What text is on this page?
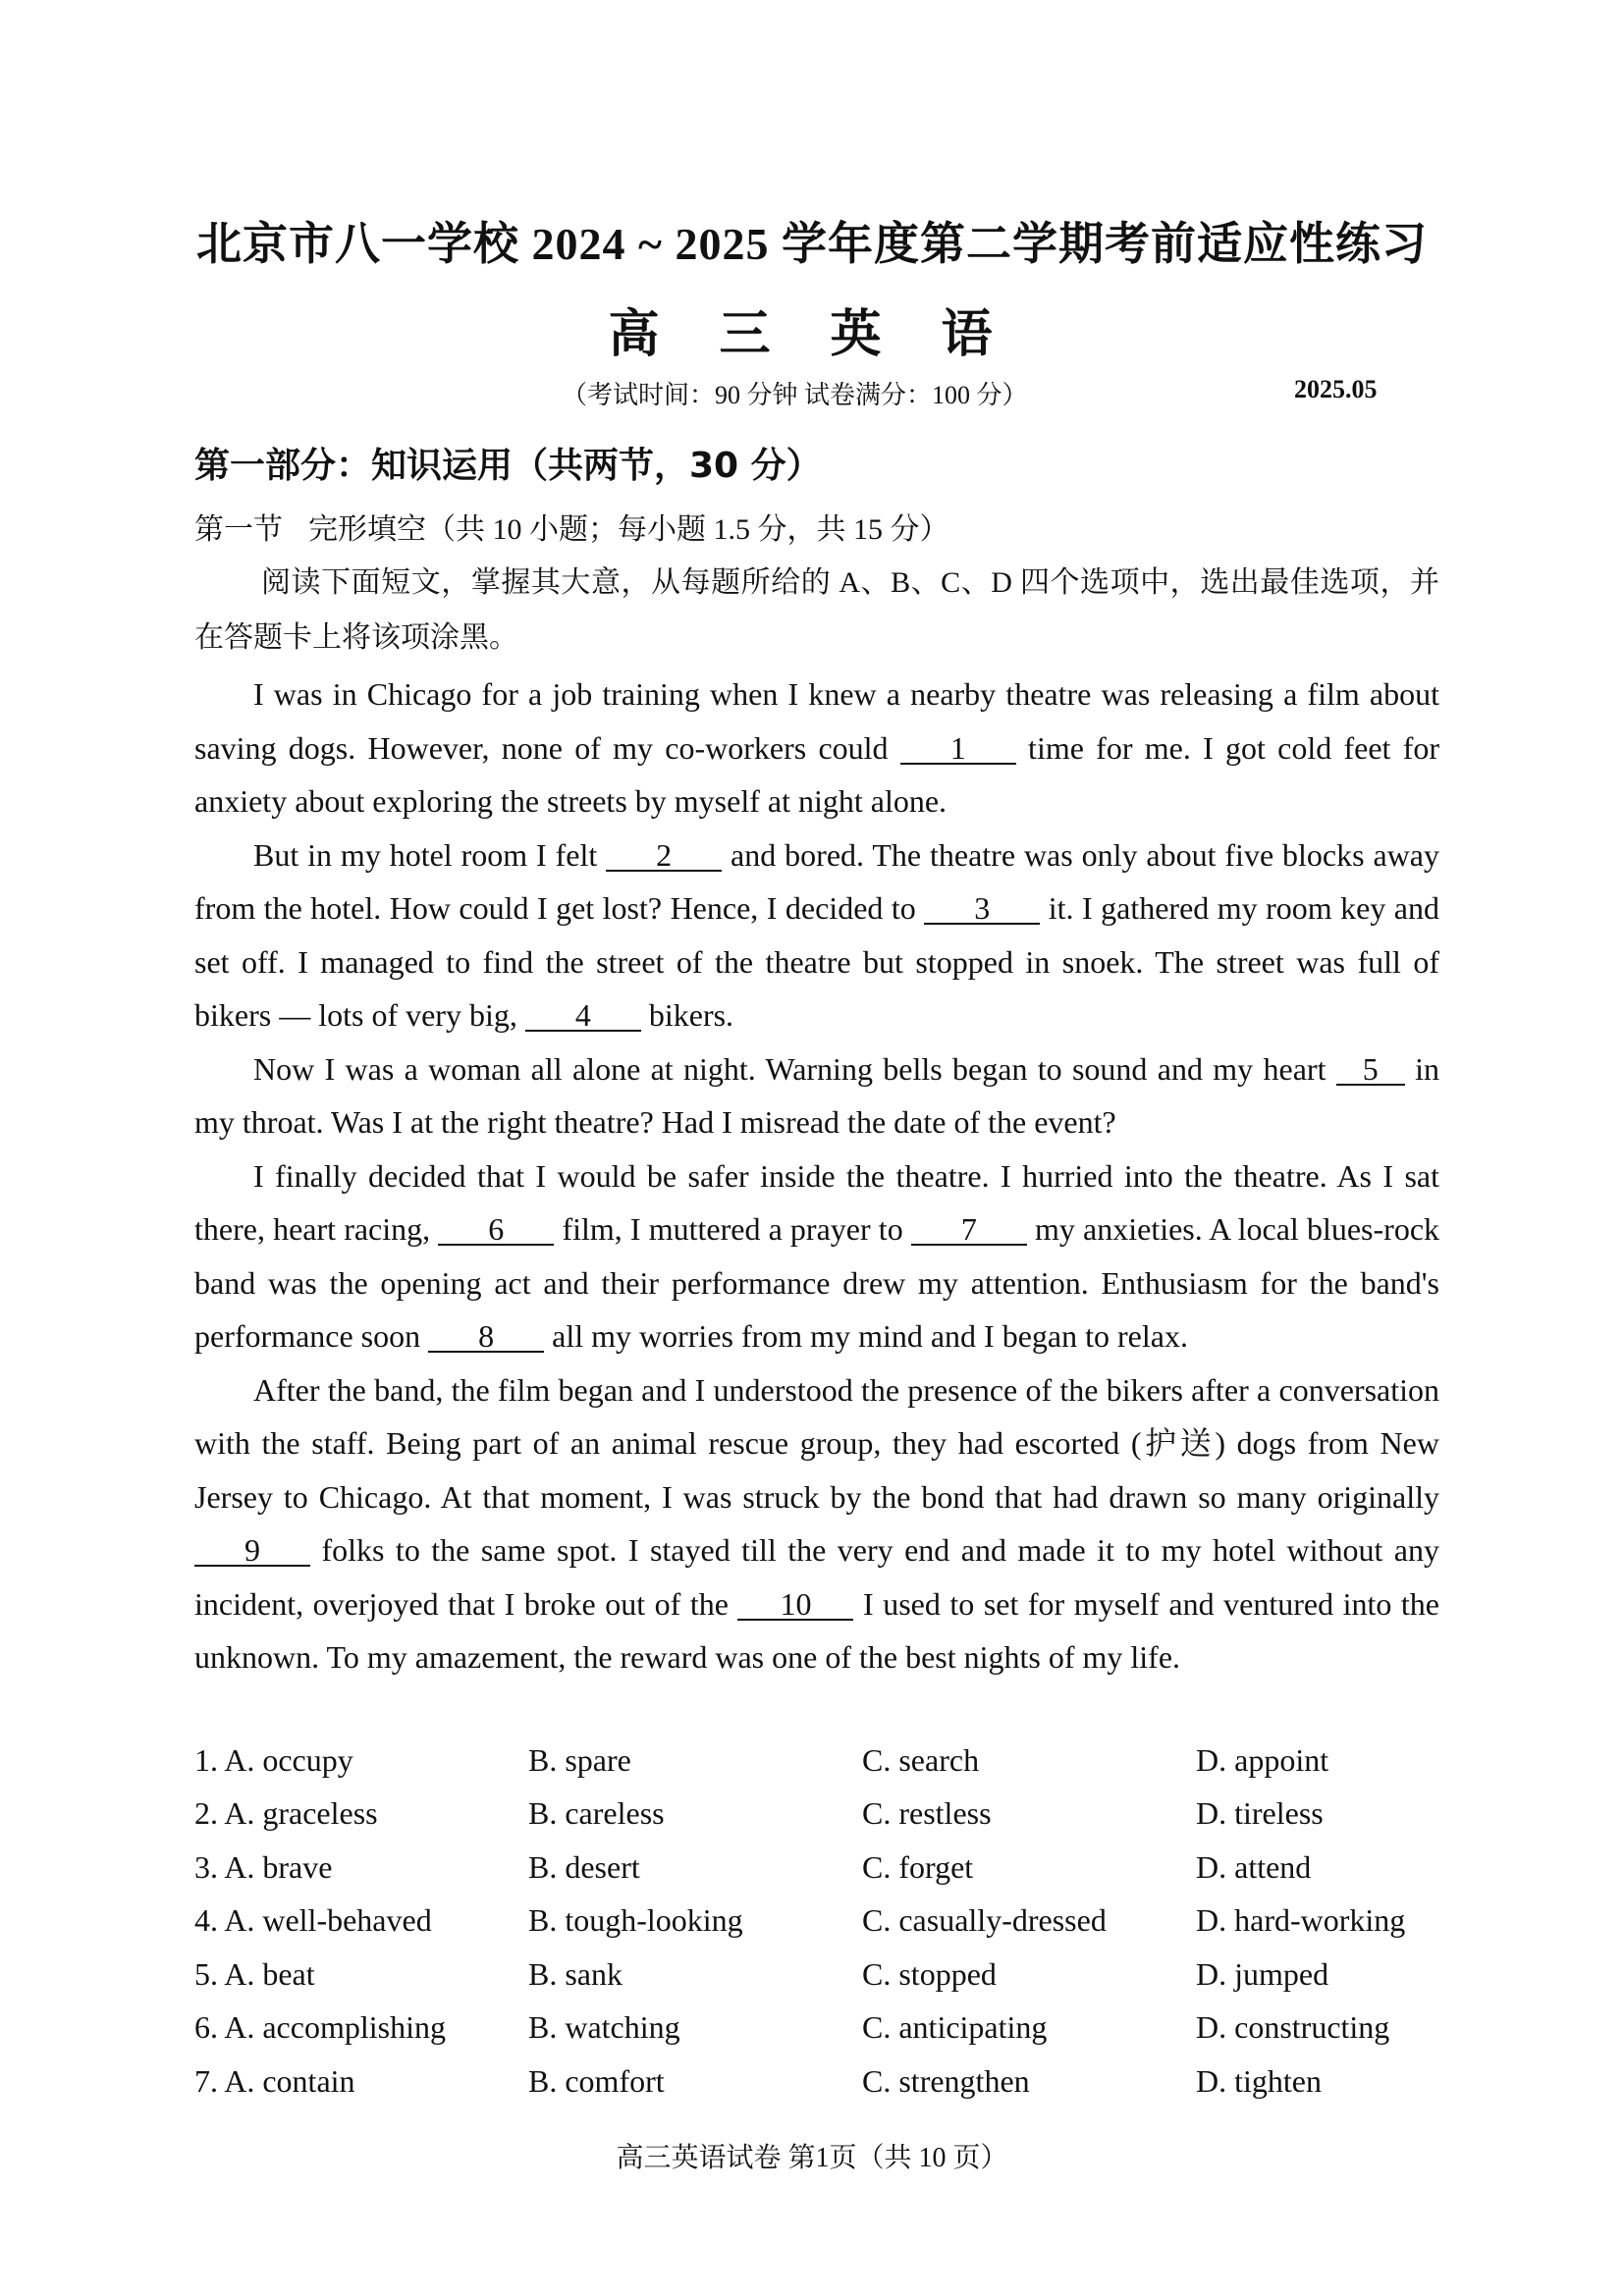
北京市八一学校 2024 ~ 2025 学年度第二学期考前适应性练习
高 三 英 语
（考试时间：90 分钟 试卷满分：100 分）	2025.05
第一部分：知识运用（共两节，30 分）
第一节 完形填空（共 10 小题；每小题 1.5 分，共 15 分）
阅读下面短文，掌握其大意，从每题所给的 A、B、C、D 四个选项中，选出最佳选项，并在答题卡上将该项涂黑。

I was in Chicago for a job training when I knew a nearby theatre was releasing a film about saving dogs. However, none of my co-workers could 1 time for me. I got cold feet for anxiety about exploring the streets by myself at night alone.

But in my hotel room I felt 2 and bored. The theatre was only about five blocks away from the hotel. How could I get lost? Hence, I decided to 3 it. I gathered my room key and set off. I managed to find the street of the theatre but stopped in snoek. The street was full of bikers — lots of very big, 4 bikers.

Now I was a woman all alone at night. Warning bells began to sound and my heart 5 in my throat. Was I at the right theatre? Had I misread the date of the event?

I finally decided that I would be safer inside the theatre. I hurried into the theatre. As I sat there, heart racing, 6 film, I muttered a prayer to 7 my anxieties. A local blues-rock band was the opening act and their performance drew my attention. Enthusiasm for the band's performance soon 8 all my worries from my mind and I began to relax.

After the band, the film began and I understood the presence of the bikers after a conversation with the staff. Being part of an animal rescue group, they had escorted (护送) dogs from New Jersey to Chicago. At that moment, I was struck by the bond that had drawn so many originally 9 folks to the same spot. I stayed till the very end and made it to my hotel without any incident, overjoyed that I broke out of the 10 I used to set for myself and ventured into the unknown. To my amazement, the reward was one of the best nights of my life.

1. A. occupy	B. spare	C. search	D. appoint
2. A. graceless	B. careless	C. restless	D. tireless
3. A. brave	B. desert	C. forget	D. attend
4. A. well-behaved	B. tough-looking	C. casually-dressed	D. hard-working
5. A. beat	B. sank	C. stopped	D. jumped
6. A. accomplishing	B. watching	C. anticipating	D. constructing
7. A. contain	B. comfort	C. strengthen	D. tighten
高三英语试卷 第1页（共 10 页）
